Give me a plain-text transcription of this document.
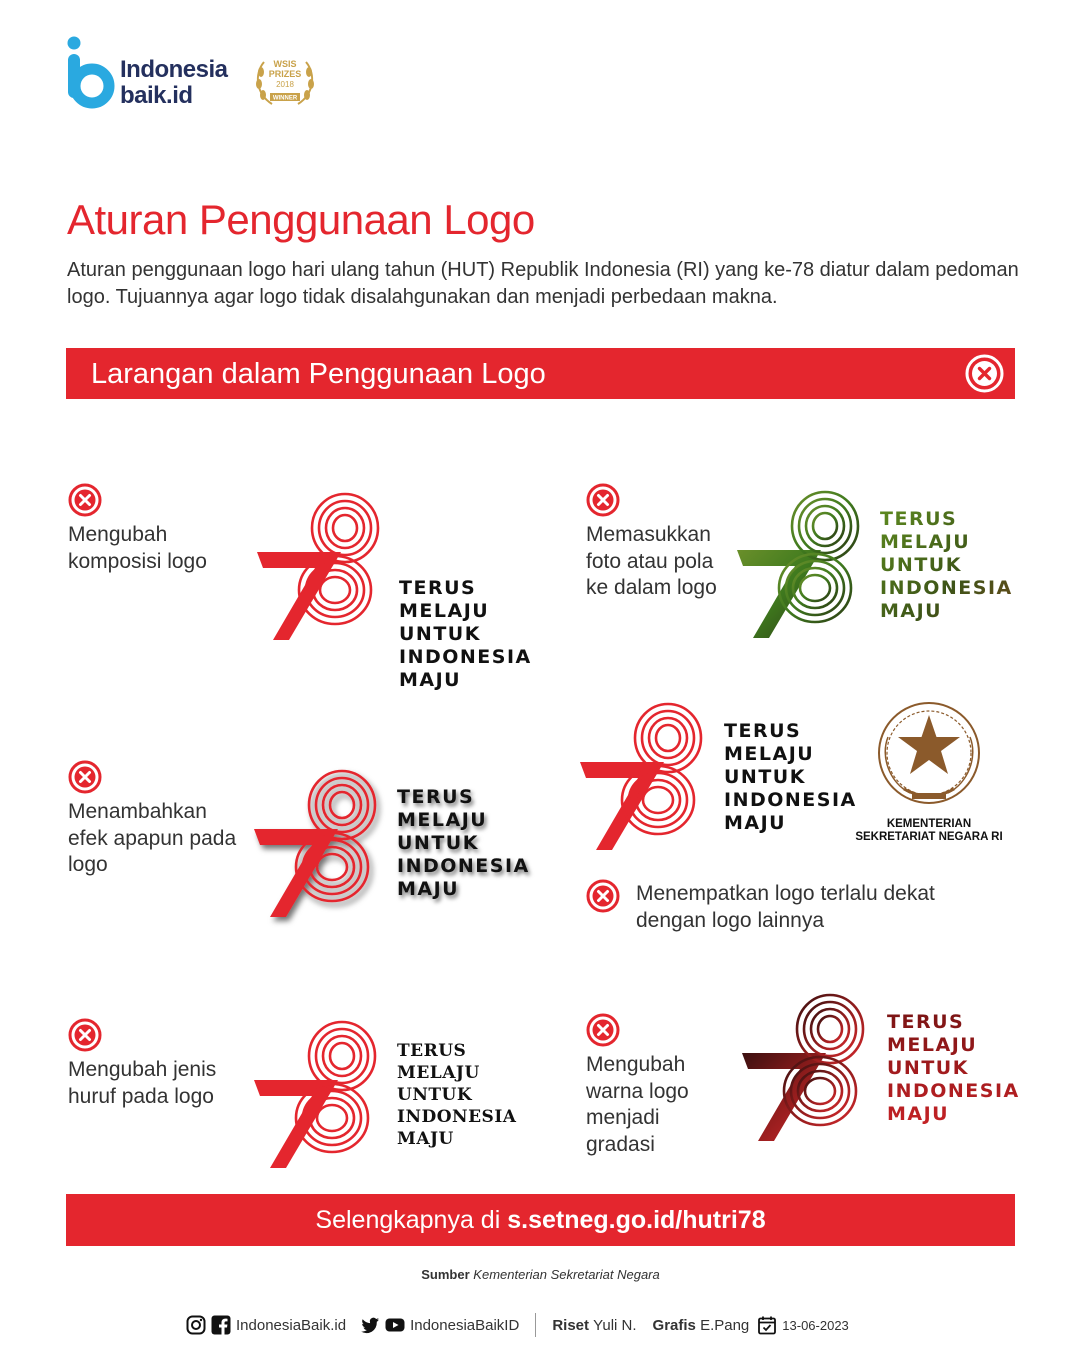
Indonesia
baik.id
WSIS
PRIZES
2018
WINNER
Aturan Penggunaan Logo
Aturan penggunaan logo hari ulang tahun (HUT) Republik Indonesia (RI) yang ke-78 diatur dalam pedoman logo. Tujuannya agar logo tidak disalahgunakan dan menjadi perbedaan makna.
Larangan dalam Penggunaan Logo
Mengubah komposisi logo
TERUS
MELAJU
UNTUK
INDONESIA
MAJU
Memasukkan foto atau pola ke dalam logo
TERUS
MELAJU
UNTUK
INDONESIA
MAJU
Menambahkan efek apapun pada logo
TERUS
MELAJU
UNTUK
INDONESIA
MAJU
TERUS
MELAJU
UNTUK
INDONESIA
MAJU	KEMENTERIAN
SEKRETARIAT NEGARA RI
Menempatkan logo terlalu dekat dengan logo lainnya
Mengubah jenis huruf pada logo
TERUS
MELAJU
UNTUK
INDONESIA
MAJU
Mengubah warna logo menjadi gradasi
TERUS
MELAJU
UNTUK
INDONESIA
MAJU
Selengkapnya di s.setneg.go.id/hutri78
Sumber Kementerian Sekretariat Negara
IndonesiaBaik.id	IndonesiaBaikID Riset
Yuli N. Grafis
E.Pang	13-06-2023
